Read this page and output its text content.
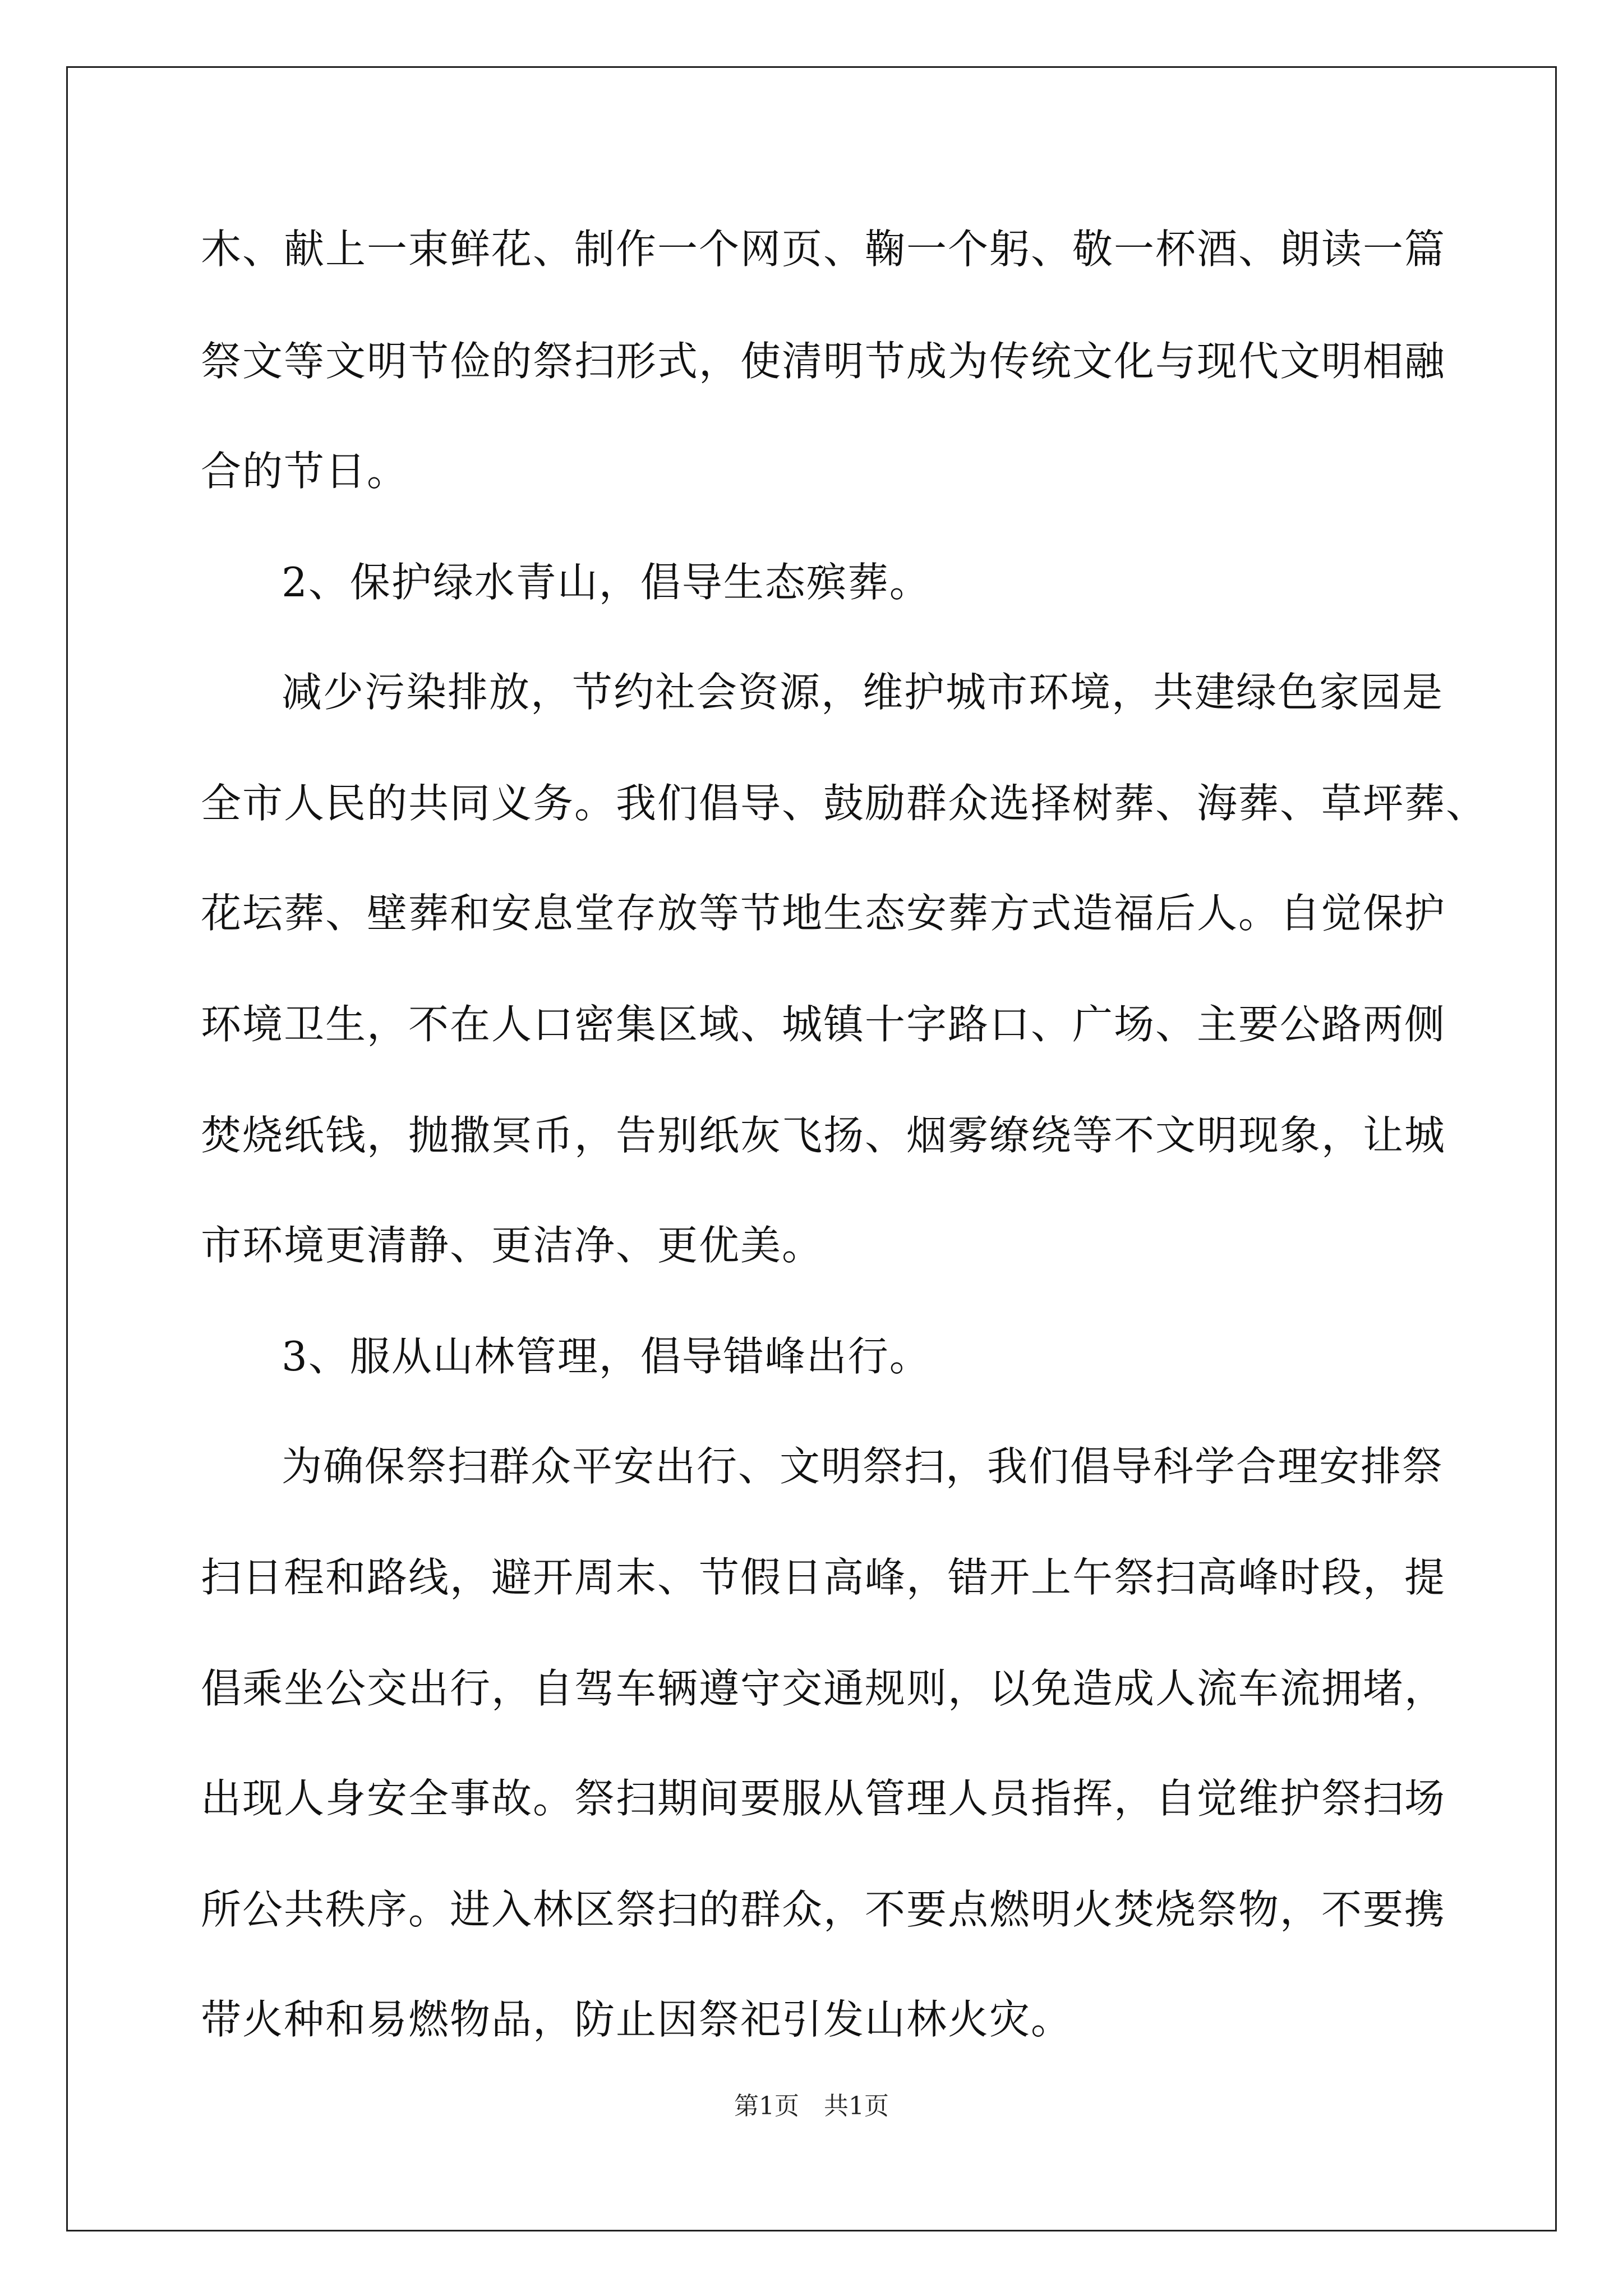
木、献上一束鲜花、制作一个网页、鞠一个躬、敬一杯酒、朗读一篇
祭文等文明节俭的祭扫形式，使清明节成为传统文化与现代文明相融
合的节日。
2、保护绿水青山，倡导生态殡葬。
减少污染排放，节约社会资源，维护城市环境，共建绿色家园是
全市人民的共同义务。我们倡导、鼓励群众选择树葬、海葬、草坪葬、
花坛葬、壁葬和安息堂存放等节地生态安葬方式造福后人。自觉保护
环境卫生，不在人口密集区域、城镇十字路口、广场、主要公路两侧
焚烧纸钱，抛撒冥币，告别纸灰飞扬、烟雾缭绕等不文明现象，让城
市环境更清静、更洁净、更优美。
3、服从山林管理，倡导错峰出行。
为确保祭扫群众平安出行、文明祭扫，我们倡导科学合理安排祭
扫日程和路线，避开周末、节假日高峰，错开上午祭扫高峰时段，提
倡乘坐公交出行，自驾车辆遵守交通规则，以免造成人流车流拥堵，
出现人身安全事故。祭扫期间要服从管理人员指挥，自觉维护祭扫场
所公共秩序。进入林区祭扫的群众，不要点燃明火焚烧祭物，不要携
带火种和易燃物品，防止因祭祀引发山林火灾。
第1页 共1页
